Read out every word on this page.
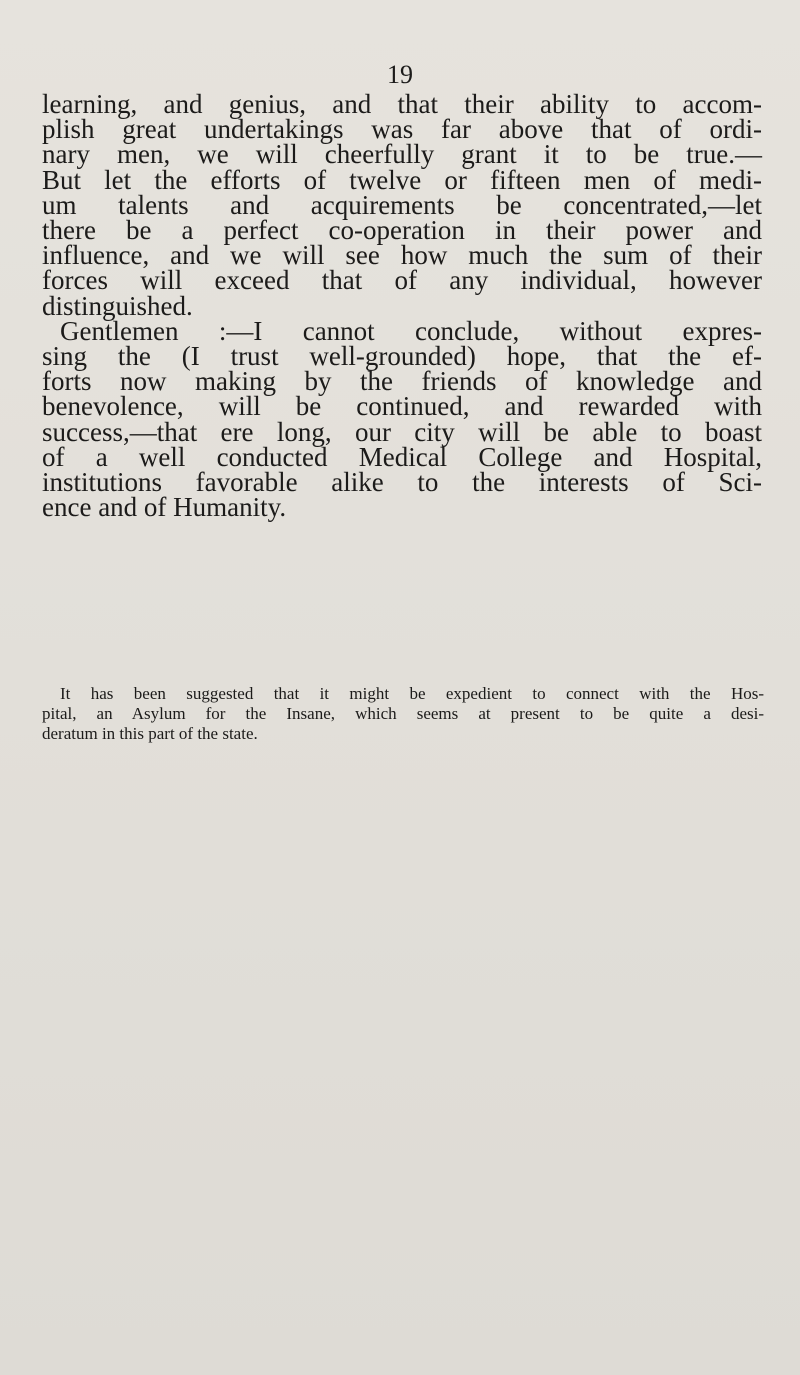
19
learning, and genius, and that their ability to accom-
plish great undertakings was far above that of ordi-
nary men, we will cheerfully grant it to be true.—
But let the efforts of twelve or fifteen men of medi-
um talents and acquirements be concentrated,—let
there be a perfect co-operation in their power and
influence, and we will see how much the sum of their
forces will exceed that of any individual, however
distinguished.
Gentlemen :—I cannot conclude, without expres-
sing the (I trust well-grounded) hope, that the ef-
forts now making by the friends of knowledge and
benevolence, will be continued, and rewarded with
success,—that ere long, our city will be able to boast
of a well conducted Medical College and Hospital,
institutions favorable alike to the interests of Sci-
ence and of Humanity.
It has been suggested that it might be expedient to connect with the Hos-
pital, an Asylum for the Insane, which seems at present to be quite a desi-
deratum in this part of the state.
